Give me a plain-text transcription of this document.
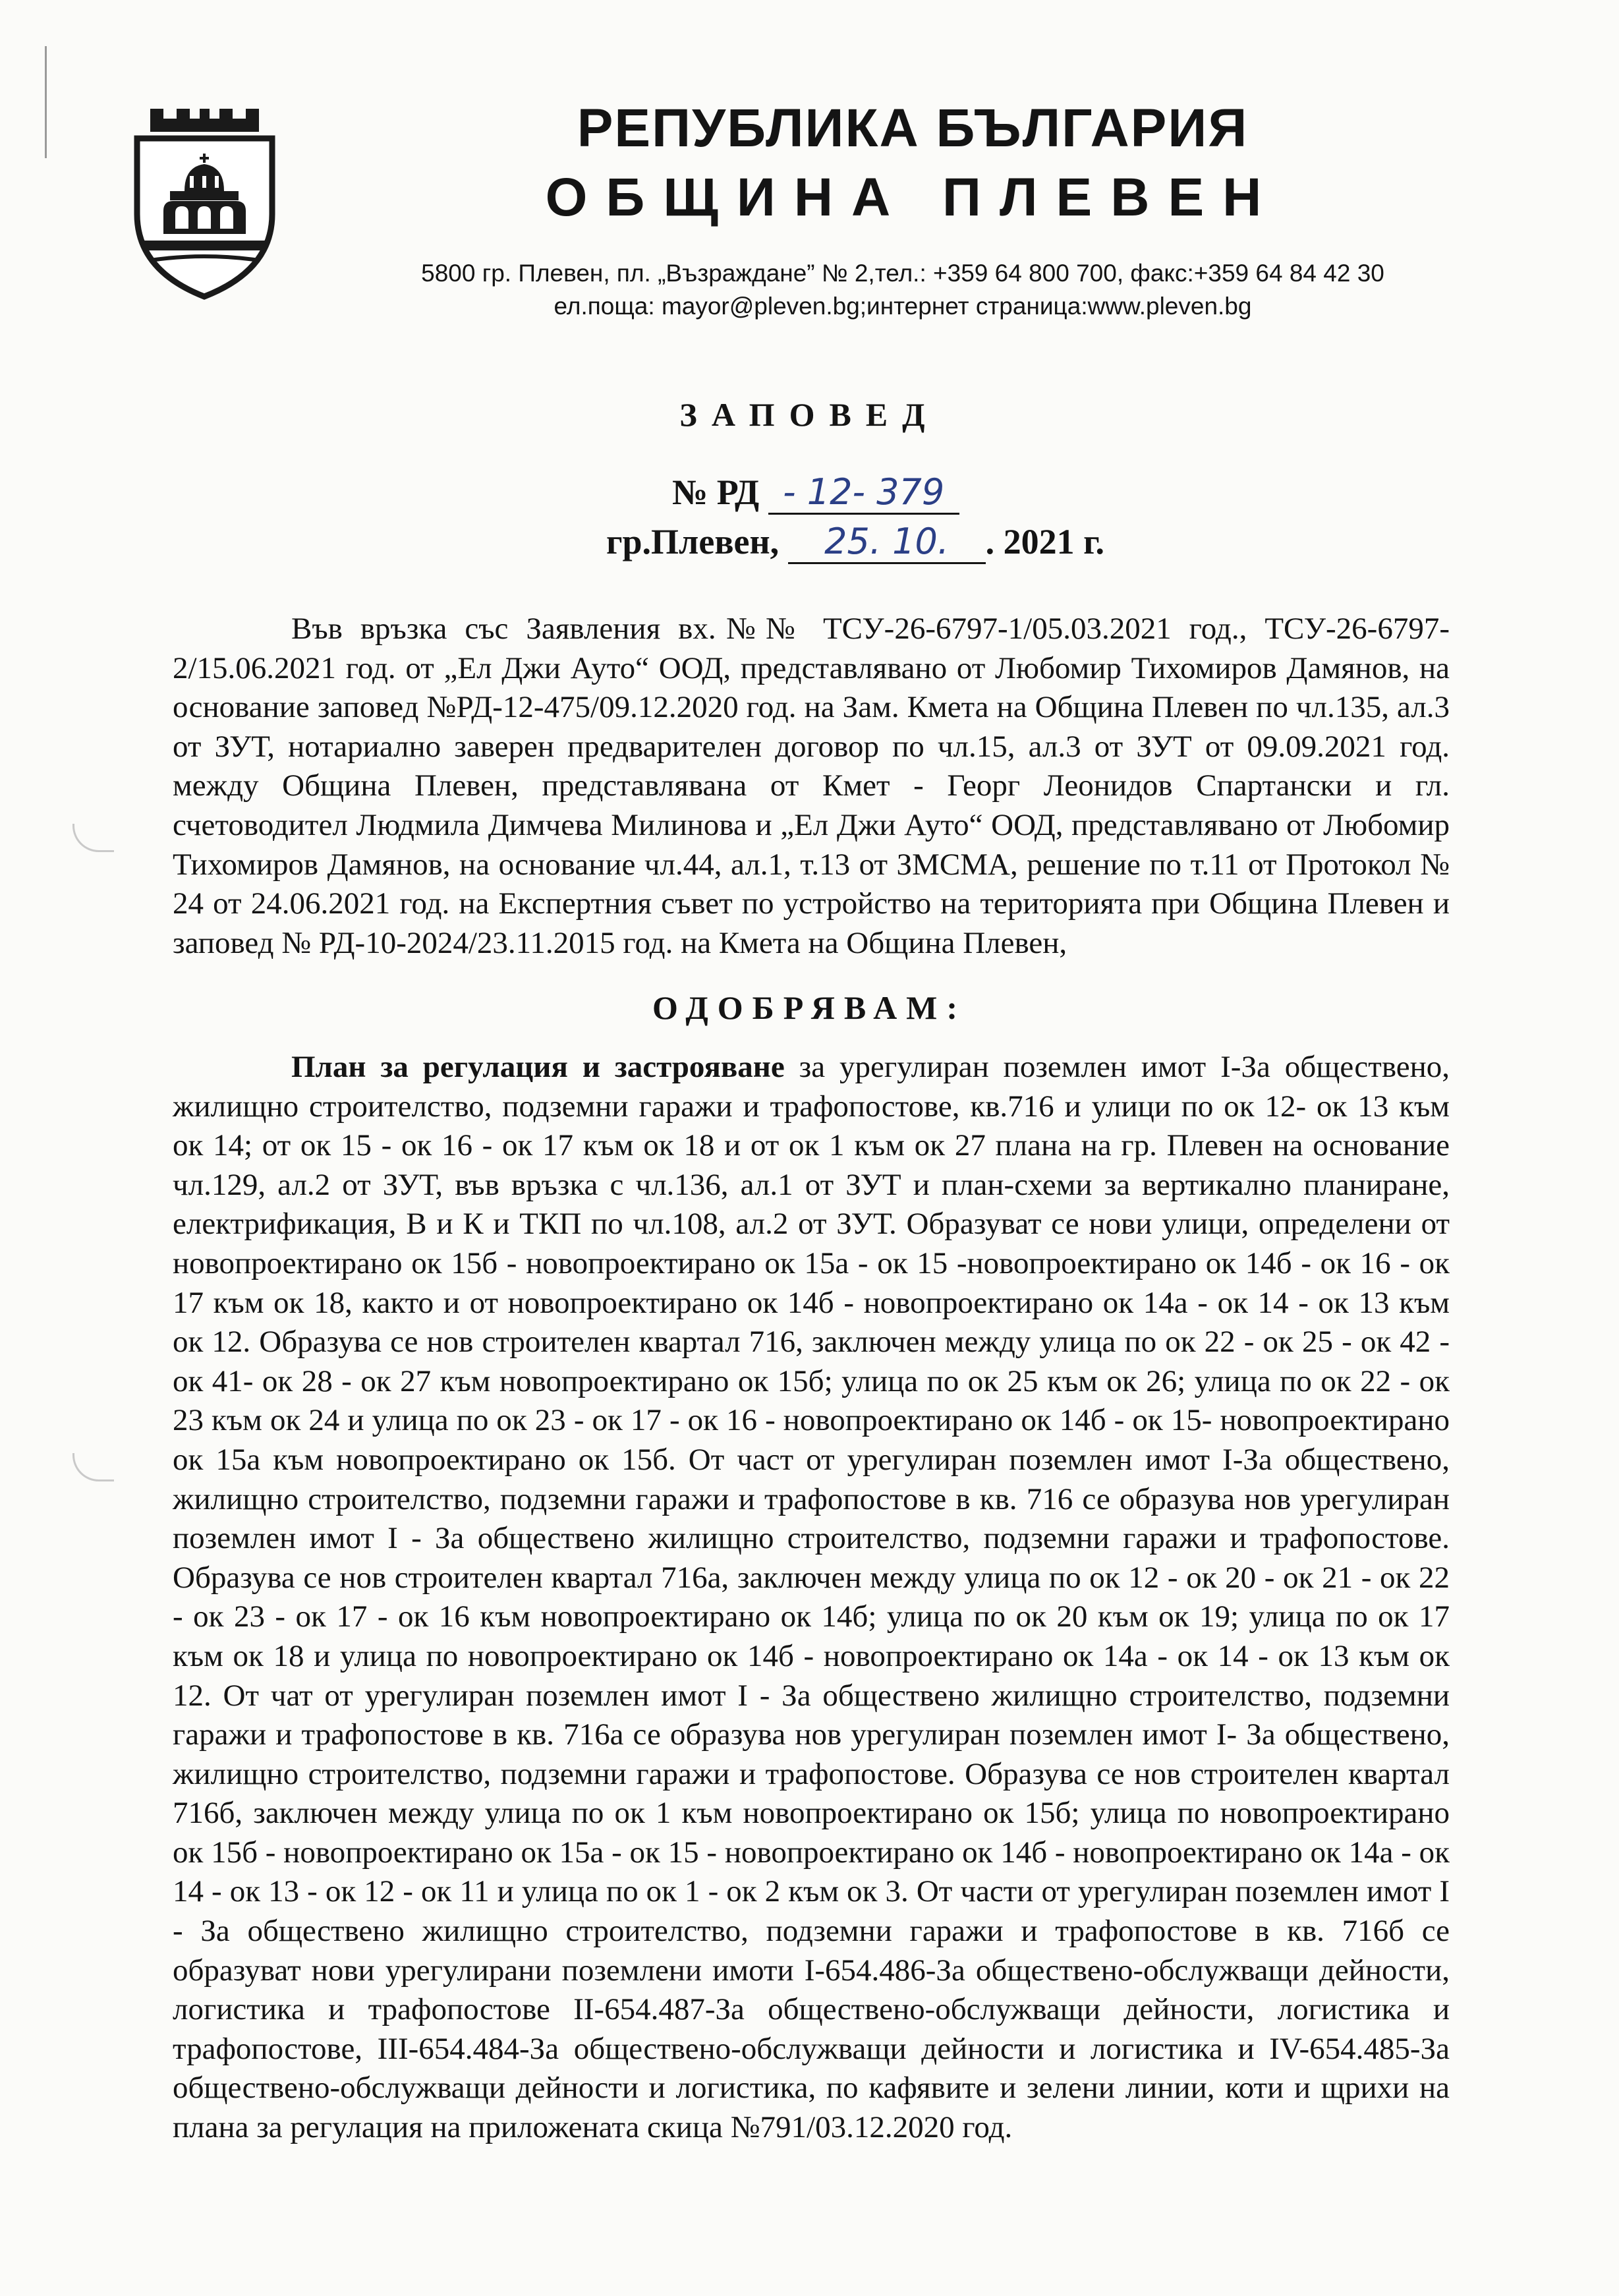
РЕПУБЛИКА БЪЛГАРИЯ
ОБЩИНА ПЛЕВЕН
5800 гр. Плевен, пл. „Възраждане” № 2,тел.: +359 64 800 700, факс:+359 64 84 42 30
ел.поща: mayor@pleven.bg;интернет страница:www.pleven.bg
ЗАПОВЕД
№ РД - 12- 379
гр.Плевен, 25. 10. . 2021 г.

Във връзка със Заявления вх.№№ ТСУ-26-6797-1/05.03.2021 год., ТСУ-26-6797-2/15.06.2021 год. от „Ел Джи Ауто“ ООД, представлявано от Любомир Тихомиров Дамянов, на основание заповед №РД-12-475/09.12.2020 год. на Зам. Кмета на Община Плевен по чл.135, ал.3 от ЗУТ, нотариално заверен предварителен договор по чл.15, ал.3 от ЗУТ от 09.09.2021 год. между Община Плевен, представлявана от Кмет - Георг Леонидов Спартански и гл. счетоводител Людмила Димчева Милинова и „Ел Джи Ауто“ ООД, представлявано от Любомир Тихомиров Дамянов, на основание чл.44, ал.1, т.13 от ЗМСМА, решение по т.11 от Протокол № 24 от 24.06.2021 год. на Експертния съвет по устройство на територията при Община Плевен и заповед № РД-10-2024/23.11.2015 год. на Кмета на Община Плевен,

ОДОБРЯВАМ:

План за регулация и застрояване за урегулиран поземлен имот І-За обществено, жилищно строителство, подземни гаражи и трафопостове, кв.716 и улици по ок 12- ок 13 към ок 14; от ок 15 - ок 16 - ок 17 към ок 18 и от ок 1 към ок 27 плана на гр. Плевен на основание чл.129, ал.2 от ЗУТ, във връзка с чл.136, ал.1 от ЗУТ и план-схеми за вертикално планиране, електрификация, В и К и ТКП по чл.108, ал.2 от ЗУТ. Образуват се нови улици, определени от новопроектирано ок 15б - новопроектирано ок 15а - ок 15 -новопроектирано ок 14б - ок 16 - ок 17 към ок 18, както и от новопроектирано ок 14б - новопроектирано ок 14а - ок 14 - ок 13 към ок 12. Образува се нов строителен квартал 716, заключен между улица по ок 22 - ок 25 - ок 42 - ок 41- ок 28 - ок 27 към новопроектирано ок 15б; улица по ок 25 към ок 26; улица по ок 22 - ок 23 към ок 24 и улица по ок 23 - ок 17 - ок 16 - новопроектирано ок 14б - ок 15- новопроектирано ок 15а към новопроектирано ок 15б. От част от урегулиран поземлен имот I-За обществено, жилищно строителство, подземни гаражи и трафопостове в кв. 716 се образува нов урегулиран поземлен имот I - За обществено жилищно строителство, подземни гаражи и трафопостове. Образува се нов строителен квартал 716а, заключен между улица по ок 12 - ок 20 - ок 21 - ок 22 - ок 23 - ок 17 - ок 16 към новопроектирано ок 14б; улица по ок 20 към ок 19; улица по ок 17 към ок 18 и улица по новопроектирано ок 14б - новопроектирано ок 14а - ок 14 - ок 13 към ок 12. От чат от урегулиран поземлен имот I - За обществено жилищно строителство, подземни гаражи и трафопостове в кв. 716а се образува нов урегулиран поземлен имот I- За обществено, жилищно строителство, подземни гаражи и трафопостове. Образува се нов строителен квартал 716б, заключен между улица по ок 1 към новопроектирано ок 15б; улица по новопроектирано ок 15б - новопроектирано ок 15а - ок 15 - новопроектирано ок 14б - новопроектирано ок 14а - ок 14 - ок 13 - ок 12 - ок 11 и улица по ок 1 - ок 2 към ок 3. От части от урегулиран поземлен имот I - За обществено жилищно строителство, подземни гаражи и трафопостове в кв. 716б се образуват нови урегулирани поземлени имоти I-654.486-За обществено-обслужващи дейности, логистика и трафопостове II-654.487-За обществено-обслужващи дейности, логистика и трафопостове, III-654.484-За обществено-обслужващи дейности и логистика и IV-654.485-За обществено-обслужващи дейности и логистика, по кафявите и зелени линии, коти и щрихи на плана за регулация на приложената скица №791/03.12.2020 год.
